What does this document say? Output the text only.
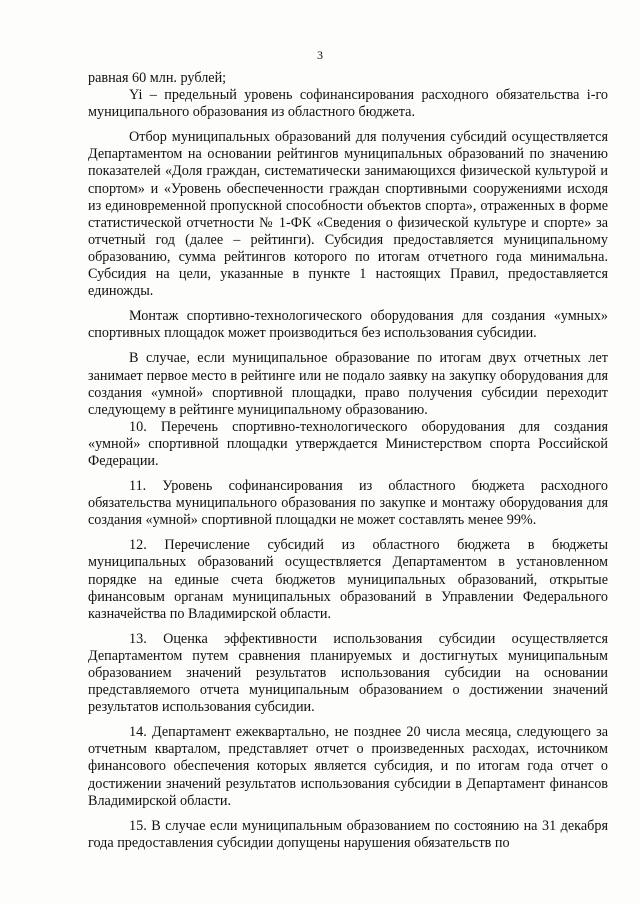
3

равная 60 млн. рублей;

Yi – предельный уровень софинансирования расходного обязательства i-го муниципального образования из областного бюджета.

Отбор муниципальных образований для получения субсидий осуществляется Департаментом на основании рейтингов муниципальных образований по значению показателей «Доля граждан, систематически занимающихся физической культурой и спортом» и «Уровень обеспеченности граждан спортивными сооружениями исходя из единовременной пропускной способности объектов спорта», отраженных в форме статистической отчетности № 1-ФК «Сведения о физической культуре и спорте» за отчетный год (далее – рейтинги). Субсидия предоставляется муниципальному образованию, сумма рейтингов которого по итогам отчетного года минимальна. Субсидия на цели, указанные в пункте 1 настоящих Правил, предоставляется единожды.

Монтаж спортивно-технологического оборудования для создания «умных» спортивных площадок может производиться без использования субсидии.

В случае, если муниципальное образование по итогам двух отчетных лет занимает первое место в рейтинге или не подало заявку на закупку оборудования для создания «умной» спортивной площадки, право получения субсидии переходит следующему в рейтинге муниципальному образованию.

10. Перечень спортивно-технологического оборудования для создания «умной» спортивной площадки утверждается Министерством спорта Российской Федерации.

11. Уровень софинансирования из областного бюджета расходного обязательства муниципального образования по закупке и монтажу оборудования для создания «умной» спортивной площадки не может составлять менее 99%.

12. Перечисление субсидий из областного бюджета в бюджеты муниципальных образований осуществляется Департаментом в установленном порядке на единые счета бюджетов муниципальных образований, открытые финансовым органам муниципальных образований в Управлении Федерального казначейства по Владимирской области.

13. Оценка эффективности использования субсидии осуществляется Департаментом путем сравнения планируемых и достигнутых муниципальным образованием значений результатов использования субсидии на основании представляемого отчета муниципальным образованием о достижении значений результатов использования субсидии.

14. Департамент ежеквартально, не позднее 20 числа месяца, следующего за отчетным кварталом, представляет отчет о произведенных расходах, источником финансового обеспечения которых является субсидия, и по итогам года отчет о достижении значений результатов использования субсидии в Департамент финансов Владимирской области.

15. В случае если муниципальным образованием по состоянию на 31 декабря года предоставления субсидии допущены нарушения обязательств по
